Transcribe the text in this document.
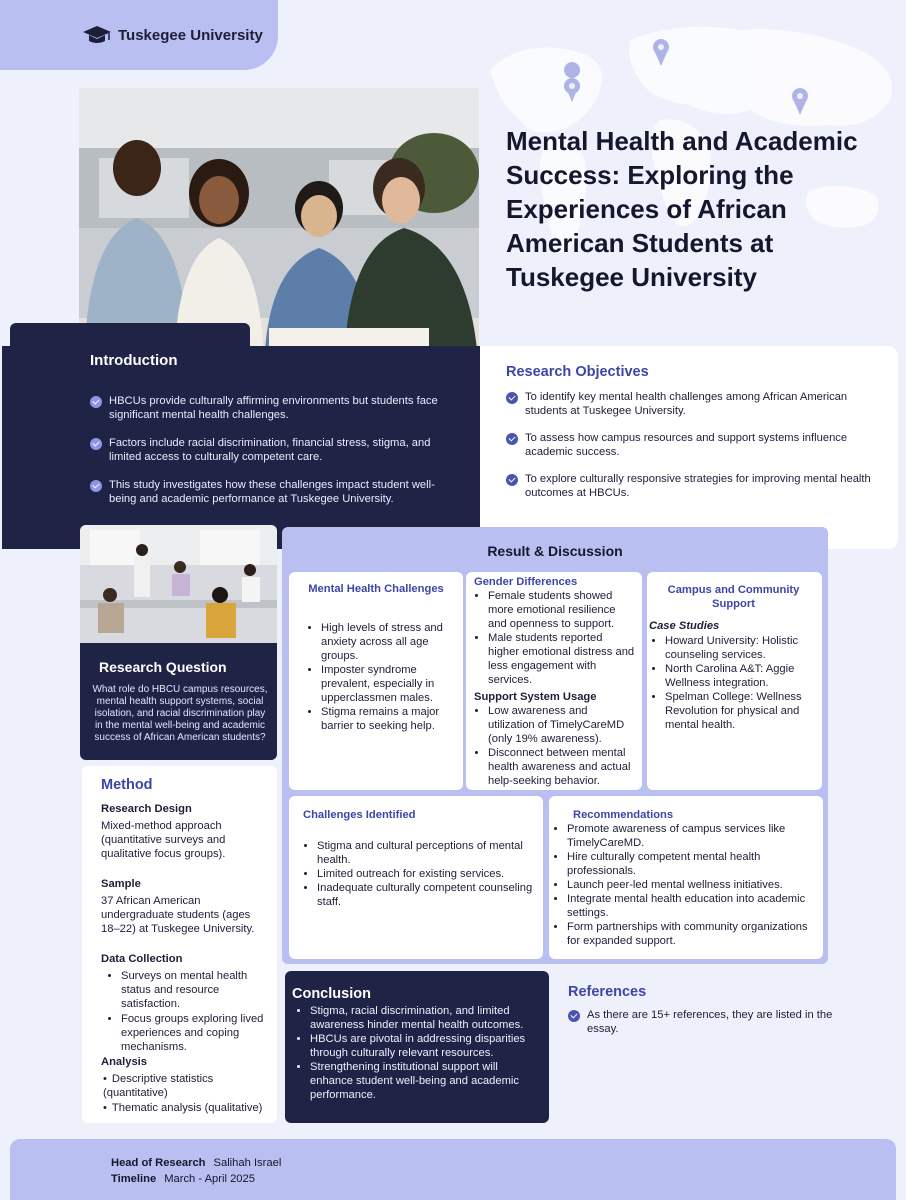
Tuskegee University
Mental Health and Academic Success: Exploring the Experiences of African American Students at Tuskegee University
Introduction
HBCUs provide culturally affirming environments but students face significant mental health challenges.
Factors include racial discrimination, financial stress, stigma, and limited access to culturally competent care.
This study investigates how these challenges impact student well-being and academic performance at Tuskegee University.
Research Objectives
To identify key mental health challenges among African American students at Tuskegee University.
To assess how campus resources and support systems influence academic success.
To explore culturally responsive strategies for improving mental health outcomes at HBCUs.
Research Question
What role do HBCU campus resources, mental health support systems, social isolation, and racial discrimination play in the mental well-being and academic success of African American students?
Method
Research Design

Mixed-method approach (quantitative surveys and qualitative focus groups).

Sample

37 African American undergraduate students (ages 18–22) at Tuskegee University.

Data Collection
• Surveys on mental health status and resource satisfaction.
• Focus groups exploring lived experiences and coping mechanisms.
Analysis
• Descriptive statistics (quantitative)
• Thematic analysis (qualitative)
Result & Discussion
Mental Health Challenges
• High levels of stress and anxiety across all age groups.
• Imposter syndrome prevalent, especially in upperclassmen males.
• Stigma remains a major barrier to seeking help.
Gender Differences
• Female students showed more emotional resilience and openness to support.
• Male students reported higher emotional distress and less engagement with services.
Support System Usage
• Low awareness and utilization of TimelyCareMD (only 19% awareness).
• Disconnect between mental health awareness and actual help-seeking behavior.
Campus and Community Support
Case Studies
• Howard University: Holistic counseling services.
• North Carolina A&T: Aggie Wellness integration.
• Spelman College: Wellness Revolution for physical and mental health.
Challenges Identified
• Stigma and cultural perceptions of mental health.
• Limited outreach for existing services.
• Inadequate culturally competent counseling staff.
Recommendations
• Promote awareness of campus services like TimelyCareMD.
• Hire culturally competent mental health professionals.
• Launch peer-led mental wellness initiatives.
• Integrate mental health education into academic settings.
• Form partnerships with community organizations for expanded support.
Conclusion
• Stigma, racial discrimination, and limited awareness hinder mental health outcomes.
• HBCUs are pivotal in addressing disparities through culturally relevant resources.
• Strengthening institutional support will enhance student well-being and academic performance.
References
As there are 15+ references, they are listed in the essay.
Head of Research Salihah Israel
Timeline March - April 2025
